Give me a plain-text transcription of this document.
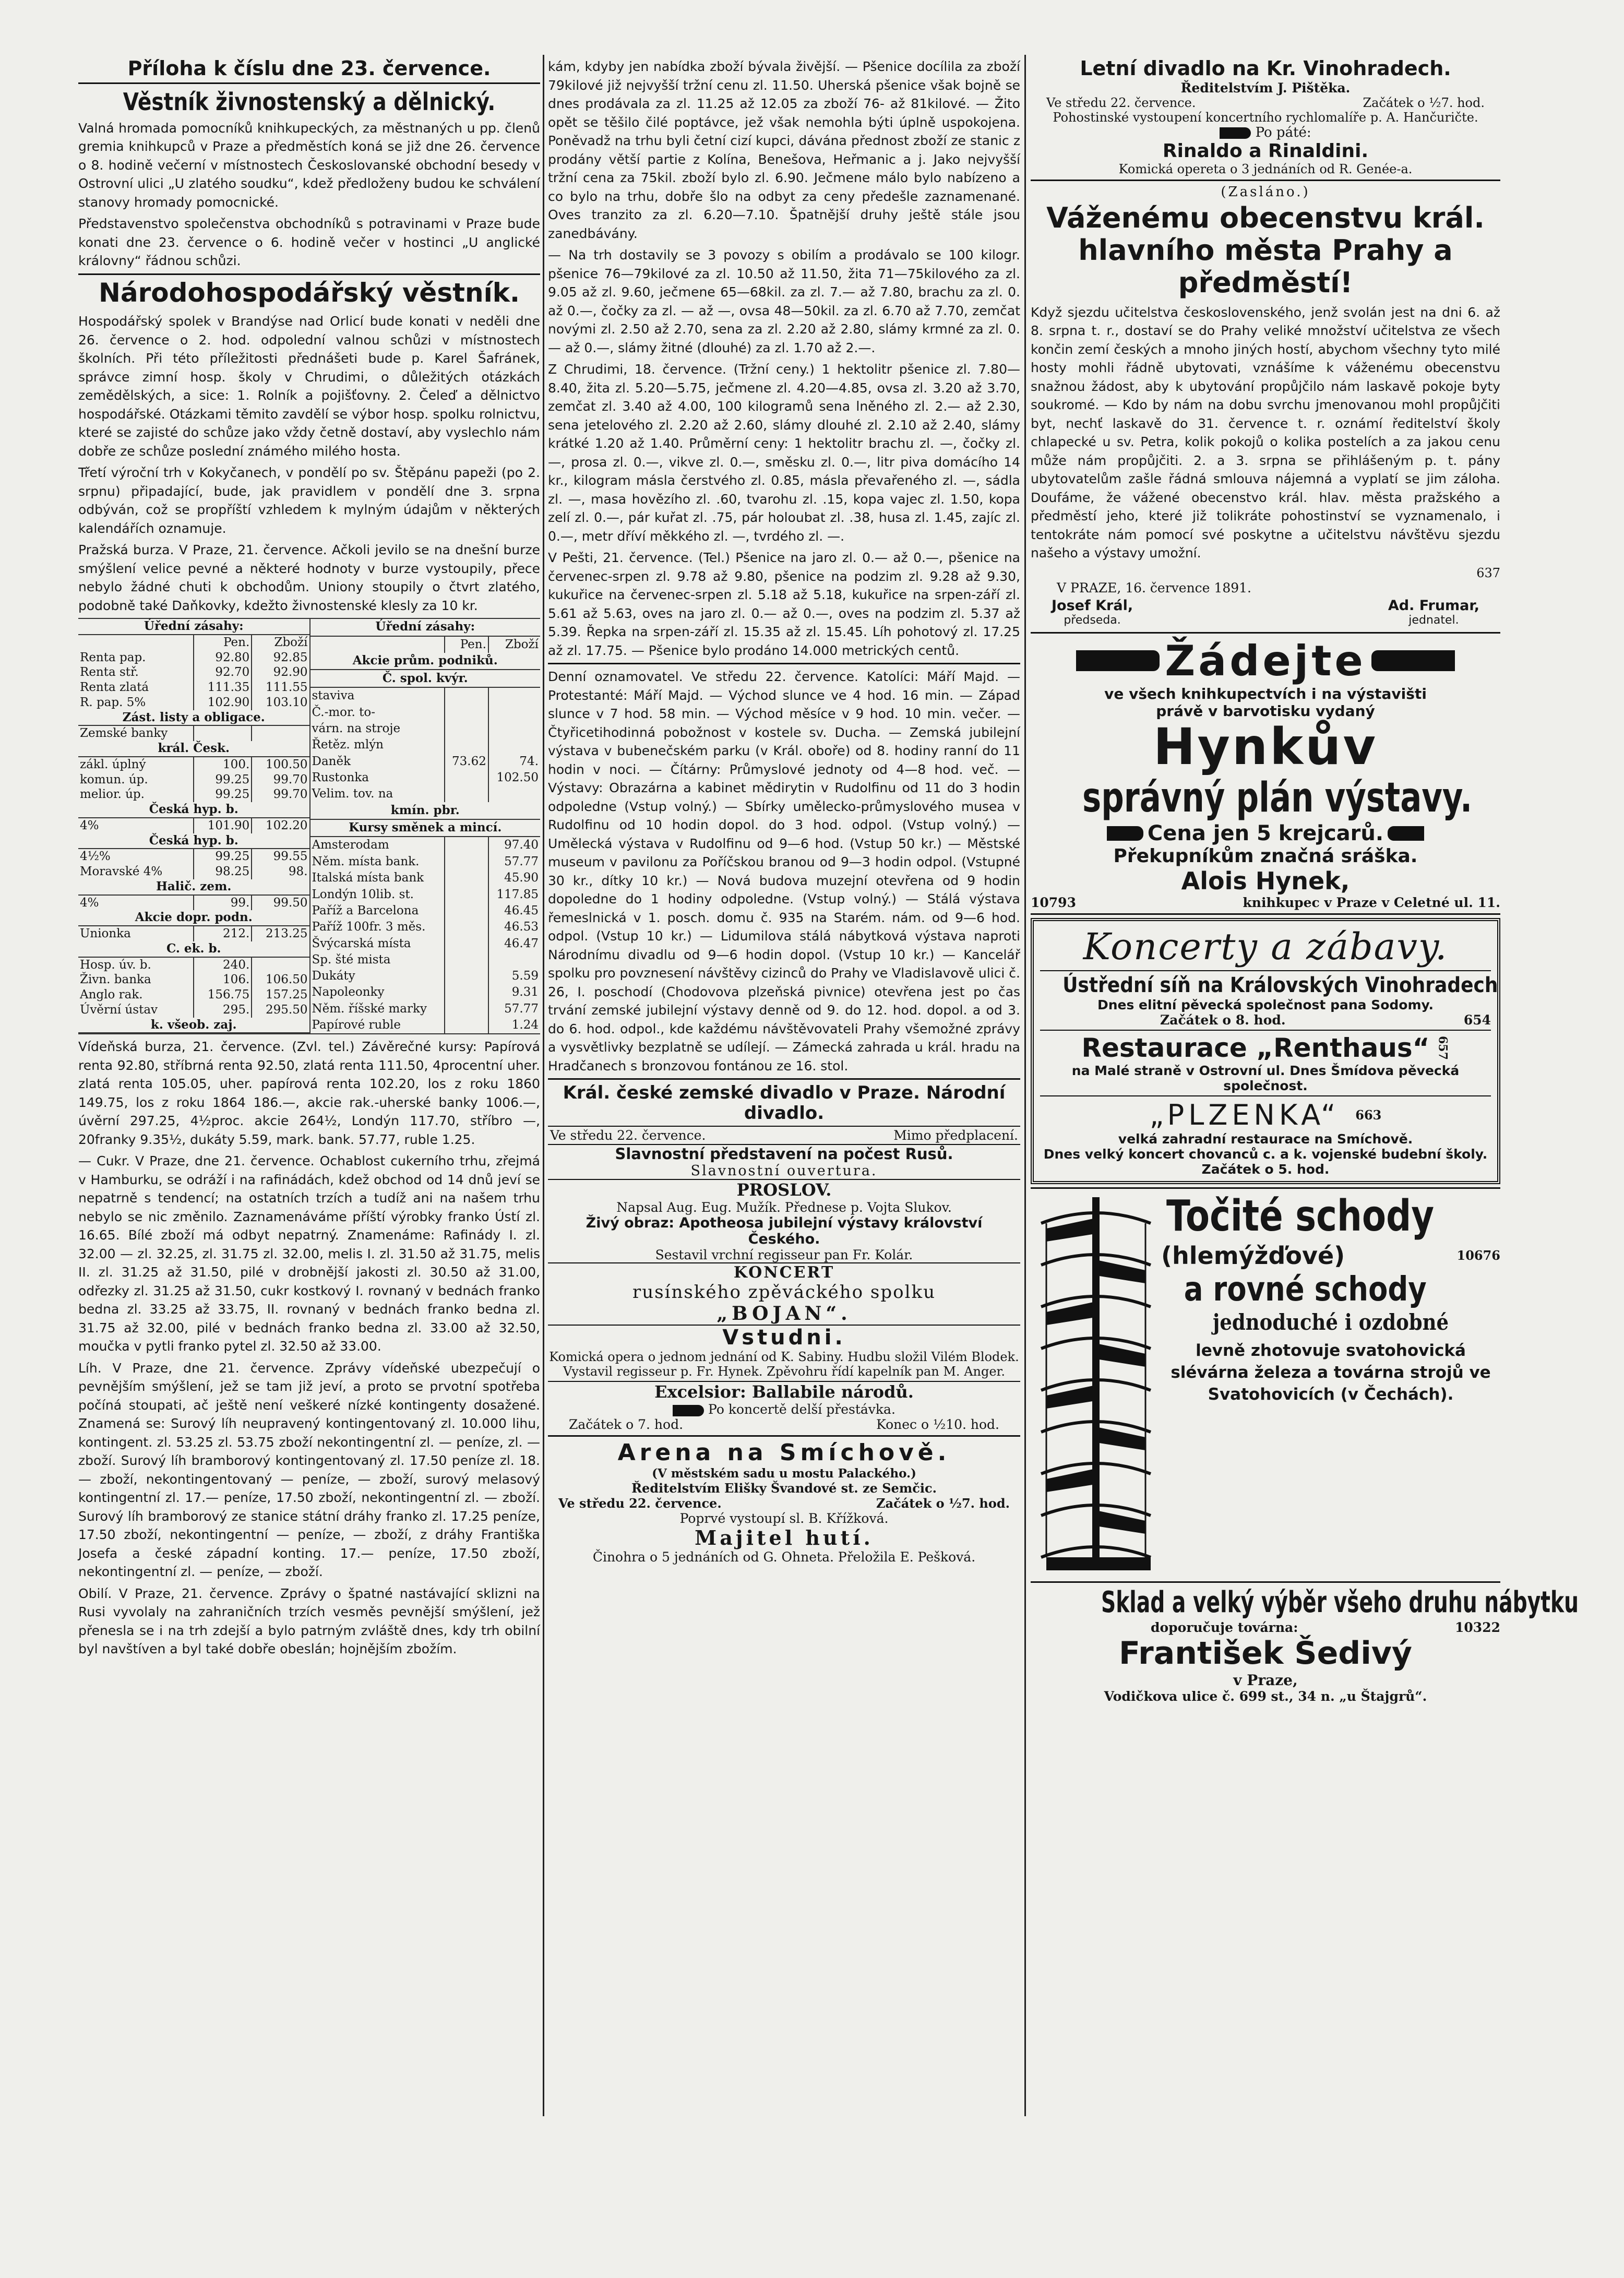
Příloha k číslu dne 23. července.
Věstník živnostenský a dělnický.

Valná hromada pomocníků knihkupeckých, za městnaných u pp. členů gremia knihkupců v Praze a předměstích koná se již dne 26. července o 8. hodině večerní v místnostech Českoslovanské obchodní besedy v Ostrovní ulici „U zlatého soudku“, kdež předloženy budou ke schválení stanovy hromady pomocnické.

Představenstvo společenstva obchodníků s potravinami v Praze bude konati dne 23. července o 6. hodině večer v hostinci „U anglické královny“ řádnou schůzi.

Národohospodářský věstník.

Hospodářský spolek v Brandýse nad Orlicí bude konati v neděli dne 26. července o 2. hod. odpolední valnou schůzi v místnostech školních. Při této příležitosti přednášeti bude p. Karel Šafránek, správce zimní hosp. školy v Chrudimi, o důležitých otázkách zemědělských, a sice: 1. Rolník a pojišťovny. 2. Čeleď a dělnictvo hospodářské. Otázkami těmito zavdělí se výbor hosp. spolku rolnictvu, které se zajisté do schůze jako vždy četně dostaví, aby vyslechlo nám dobře ze schůze poslední známého milého hosta.

Třetí výroční trh v Kokyčanech, v pondělí po sv. Štěpánu papeži (po 2. srpnu) připadající, bude, jak pravidlem v pondělí dne 3. srpna odbýván, což se propříští vzhledem k mylným údajům v některých kalendářích oznamuje.

Pražská burza. V Praze, 21. července. Ačkoli jevilo se na dnešní burze smýšlení velice pevné a některé hodnoty v burze vystoupily, přece nebylo žádné chuti k obchodům. Uniony stoupily o čtvrt zlatého, podobně také Daňkovky, kdežto živnostenské klesly za 10 kr.

Úřední zásahy:		
	Pen.	Zboží
Renta pap.	92.80	92.85
Renta stř.	92.70	92.90
Renta zlatá	111.35	111.55
R. pap. 5%	102.90	103.10
Zást. listy a obligace.		
Zemské banky		
král. Česk.		
zákl. úplný	100.	100.50
komun. úp.	99.25	99.70
melior. úp.	99.25	99.70
Česká hyp. b.		
4%	101.90	102.20
Česká hyp. b.		
4½%	99.25	99.55
Moravské 4%	98.25	98.
Halič. zem.		
4%	99.	99.50
Akcie dopr. podn.		
Unionka	212.	213.25
C. ek. b.		
Hosp. úv. b.	240.	
Živn. banka	106.	106.50
Anglo rak.	156.75	157.25
Úvěrní ústav	295.	295.50
k. všeob. zaj.		
Úřední zásahy:		
	Pen.	Zboží
Akcie prům. podniků.		
Č. spol. kvýr.		
staviva		
Č.-mor. to-		
várn. na stroje		
Řetěz. mlýn		
Daněk	73.62	74.
Rustonka		102.50
Velim. tov. na		
kmín. pbr.		
Kursy směnek a mincí.		
Amsterodam		97.40
Něm. místa bank.		57.77
Italská místa bank		45.90
Londýn 10lib. st.		117.85
Paříž a Barcelona		46.45
Paříž 100fr. 3 měs.		46.53
Švýcarská místa		46.47
Sp. šté mista		
Dukáty		5.59
Napoleonky		9.31
Něm. říšské marky		57.77
Papírové ruble		1.24

Vídeňská burza, 21. července. (Zvl. tel.) Závěrečné kursy: Papírová renta 92.80, stříbrná renta 92.50, zlatá renta 111.50, 4procentní uher. zlatá renta 105.05, uher. papírová renta 102.20, los z roku 1860 149.75, los z roku 1864 186.—, akcie rak.-uherské banky 1006.—, úvěrní 297.25, 4½proc. akcie 264½, Londýn 117.70, stříbro —, 20franky 9.35½, dukáty 5.59, mark. bank. 57.77, ruble 1.25.

— Cukr. V Praze, dne 21. července. Ochablost cukerního trhu, zřejmá v Hamburku, se odráží i na rafinádách, kdež obchod od 14 dnů jeví se nepatrně s tendencí; na ostatních trzích a tudíž ani na našem trhu nebylo se nic změnilo. Zaznamenáváme příští výrobky franko Ústí zl. 16.65. Bílé zboží má odbyt nepatrný. Znamenáme: Rafinády I. zl. 32.00 — zl. 32.25, zl. 31.75 zl. 32.00, melis I. zl. 31.50 až 31.75, melis II. zl. 31.25 až 31.50, pilé v drobnější jakosti zl. 30.50 až 31.00, odřezky zl. 31.25 až 31.50, cukr kostkový I. rovnaný v bednách franko bedna zl. 33.25 až 33.75, II. rovnaný v bednách franko bedna zl. 31.75 až 32.00, pilé v bednách franko bedna zl. 33.00 až 32.50, moučka v pytli franko pytel zl. 32.50 až 33.00.

Líh. V Praze, dne 21. července. Zprávy vídeňské ubezpečují o pevnějším smýšlení, jež se tam již jeví, a proto se prvotní spotřeba počíná stoupati, ač ještě není veškeré nízké kontingenty dosažené. Znamená se: Surový líh neupravený kontingentovaný zl. 10.000 lihu, kontingent. zl. 53.25 zl. 53.75 zboží nekontingentní zl. — peníze, zl. — zboží. Surový líh bramborový kontingentovaný zl. 17.50 peníze zl. 18.— zboží, nekontingentovaný — peníze, — zboží, surový melasový kontingentní zl. 17.— peníze, 17.50 zboží, nekontingentní zl. — zboží. Surový líh bramborový ze stanice státní dráhy franko zl. 17.25 peníze, 17.50 zboží, nekontingentní — peníze, — zboží, z dráhy Františka Josefa a české západní konting. 17.— peníze, 17.50 zboží, nekontingentní zl. — peníze, — zboží.

Obilí. V Praze, 21. července. Zprávy o špatné nastávající sklizni na Rusi vyvolaly na zahraničních trzích vesměs pevnější smýšlení, jež přenesla se i na trh zdejší a bylo patrným zvláště dnes, kdy trh obilní byl navštíven a byl také dobře obeslán; hojnějším zbožím.

kám, kdyby jen nabídka zboží bývala živější. — Pšenice docílila za zboží 79kilové již nejvyšší tržní cenu zl. 11.50. Uherská pšenice však bojně se dnes prodávala za zl. 11.25 až 12.05 za zboží 76- až 81kilové. — Žito opět se těšilo čilé poptávce, jež však nemohla býti úplně uspokojena. Poněvadž na trhu byli četní cizí kupci, dávána přednost zboží ze stanic z prodány větší partie z Kolína, Benešova, Heřmanic a j. Jako nejvyšší tržní cena za 75kil. zboží bylo zl. 6.90. Ječmene málo bylo nabízeno a co bylo na trhu, dobře šlo na odbyt za ceny předešle zaznamenané. Oves tranzito za zl. 6.20—7.10. Špatnější druhy ještě stále jsou zanedbávány.

— Na trh dostavily se 3 povozy s obilím a prodávalo se 100 kilogr. pšenice 76—79kilové za zl. 10.50 až 11.50, žita 71—75kilového za zl. 9.05 až zl. 9.60, ječmene 65—68kil. za zl. 7.— až 7.80, brachu za zl. 0. až 0.—, čočky za zl. — až —, ovsa 48—50kil. za zl. 6.70 až 7.70, zemčat novými zl. 2.50 až 2.70, sena za zl. 2.20 až 2.80, slámy krmné za zl. 0.— až 0.—, slámy žitné (dlouhé) za zl. 1.70 až 2.—.

Z Chrudimi, 18. července. (Tržní ceny.) 1 hektolitr pšenice zl. 7.80—8.40, žita zl. 5.20—5.75, ječmene zl. 4.20—4.85, ovsa zl. 3.20 až 3.70, zemčat zl. 3.40 až 4.00, 100 kilogramů sena lněného zl. 2.— až 2.30, sena jetelového zl. 2.20 až 2.60, slámy dlouhé zl. 2.10 až 2.40, slámy krátké 1.20 až 1.40. Průměrní ceny: 1 hektolitr brachu zl. —, čočky zl. —, prosa zl. 0.—, vikve zl. 0.—, směsku zl. 0.—, litr piva domácího 14 kr., kilogram másla čerstvého zl. 0.85, másla převařeného zl. —, sádla zl. —, masa hovězího zl. .60, tvarohu zl. .15, kopa vajec zl. 1.50, kopa zelí zl. 0.—, pár kuřat zl. .75, pár holoubat zl. .38, husa zl. 1.45, zajíc zl. 0.—, metr dříví měkkého zl. —, tvrdého zl. —.

V Pešti, 21. července. (Tel.) Pšenice na jaro zl. 0.— až 0.—, pšenice na červenec-srpen zl. 9.78 až 9.80, pšenice na podzim zl. 9.28 až 9.30, kukuřice na červenec-srpen zl. 5.18 až 5.18, kukuřice na srpen-září zl. 5.61 až 5.63, oves na jaro zl. 0.— až 0.—, oves na podzim zl. 5.37 až 5.39. Řepka na srpen-září zl. 15.35 až zl. 15.45. Líh pohotový zl. 17.25 až zl. 17.75. — Pšenice bylo prodáno 14.000 metrických centů.

Denní oznamovatel. Ve středu 22. července. Katolíci: Máří Majd. — Protestanté: Máří Majd. — Východ slunce ve 4 hod. 16 min. — Západ slunce v 7 hod. 58 min. — Východ měsíce v 9 hod. 10 min. večer. — Čtyřicetihodinná pobožnost v kostele sv. Ducha. — Zemská jubilejní výstava v bubenečském parku (v Král. oboře) od 8. hodiny ranní do 11 hodin v noci. — Čítárny: Průmyslové jednoty od 4—8 hod. več. — Výstavy: Obrazárna a kabinet mědirytin v Rudolfinu od 11 do 3 hodin odpoledne (Vstup volný.) — Sbírky umělecko-průmyslového musea v Rudolfinu od 10 hodin dopol. do 3 hod. odpol. (Vstup volný.) — Umělecká výstava v Rudolfinu od 9—6 hod. (Vstup 50 kr.) — Městské museum v pavilonu za Poříčskou branou od 9—3 hodin odpol. (Vstupné 30 kr., dítky 10 kr.) — Nová budova muzejní otevřena od 9 hodin dopoledne do 1 hodiny odpoledne. (Vstup volný.) — Stálá výstava řemeslnická v 1. posch. domu č. 935 na Starém. nám. od 9—6 hod. odpol. (Vstup 10 kr.) — Lidumilova stálá nábytková výstava naproti Národnímu divadlu od 9—6 hodin dopol. (Vstup 10 kr.) — Kancelář spolku pro povznesení návštěvy cizinců do Prahy ve Vladislavově ulici č. 26, I. poschodí (Chodovova plzeňská pivnice) otevřena jest po čas trvání zemské jubilejní výstavy denně od 9. do 12. hod. dopol. a od 3. do 6. hod. odpol., kde každému návštěvovateli Prahy všemožné zprávy a vysvětlivky bezplatně se udílejí. — Zámecká zahrada u král. hradu na Hradčanech s bronzovou fontánou ze 16. stol.

Král. české zemské divadlo v Praze. Národní divadlo.
Ve středu 22. července.	Mimo předplacení.
Slavnostní představení na počest Rusů.
Slavnostní ouvertura.
PROSLOV.
Napsal Aug. Eug. Mužík. Přednese p. Vojta Slukov.
Živý obraz: Apotheosa jubilejní výstavy království Českého.
Sestavil vrchní regisseur pan Fr. Kolár.
KONCERT
rusínského zpěváckého spolku
„BOJAN“.
Vstudni.
Komická opera o jednom jednání od K. Sabiny. Hudbu složil Vilém Blodek. Vystavil regisseur p. Fr. Hynek. Zpěvohru řídí kapelník pan M. Anger.
Excelsior: Ballabile národů.
Po koncertě delší přestávka.
Začátek o 7. hod.	Konec o ½10. hod.
Arena na Smíchově.
(V městském sadu u mostu Palackého.)
Ředitelstvím Elišky Švandové st. ze Semčic.
Ve středu 22. července.	Začátek o ½7. hod.
Poprvé vystoupí sl. B. Křížková.
Majitel hutí.
Činohra o 5 jednáních od G. Ohneta. Přeložila E. Pešková.
Letní divadlo na Kr. Vinohradech.
Ředitelstvím J. Pištěka.
Ve středu 22. července.	Začátek o ½7. hod.
Pohostinské vystoupení koncertního rychlomalíře p. A. Hančuričte.
Po páté:
Rinaldo a Rinaldini.
Komická opereta o 3 jednáních od R. Genée-a.
(Zasláno.)
Váženému obecenstvu král. hlavního města Prahy a předměstí!

Když sjezdu učitelstva československého, jenž svolán jest na dni 6. až 8. srpna t. r., dostaví se do Prahy veliké množství učitelstva ze všech končin zemí českých a mnoho jiných hostí, abychom všechny tyto milé hosty mohli řádně ubytovati, vznášíme k váženému obecenstvu snažnou žádost, aby k ubytování propůjčilo nám laskavě pokoje byty soukromé. — Kdo by nám na dobu svrchu jmenovanou mohl propůjčiti byt, nechť laskavě do 31. července t. r. oznámí ředitelství školy chlapecké u sv. Petra, kolik pokojů o kolika postelích a za jakou cenu může nám propůjčiti. 2. a 3. srpna se přihlášeným p. t. pány ubytovatelům zašle řádná smlouva nájemná a vyplatí se jim záloha. Doufáme, že vážené obecenstvo král. hlav. města pražského a předměstí jeho, které již tolikráte pohostinství se vyznamenalo, i tentokráte nám pomocí své poskytne a učitelstvu návštěvu sjezdu našeho a výstavy umožní.

637
V PRAZE, 16. července 1891.
Josef Král,
předseda.
Ad. Frumar,
jednatel.
Žádejte
ve všech knihkupectvích i na výstavišti
právě v barvotisku vydaný
Hynkův
správný plán výstavy.
Cena jen 5 krejcarů.
Překupníkům značná sráška.
Alois Hynek,
10793	knihkupec v Praze v Celetné ul. 11.
Koncerty a zábavy.
Ústřední síň na Královských Vinohradech
Dnes elitní pěvecká společnost pana Sodomy.
Začátek o 8. hod.	654
Restaurace „Renthaus“ 657
na Malé straně v Ostrovní ul. Dnes Šmídova pěvecká společnost.
„PLZENKA“ 663
velká zahradní restaurace na Smíchově.
Dnes velký koncert chovanců c. a k. vojenské budební školy. Začátek o 5. hod.
Točité schody
(hlemýžďové)	10676
a rovné schody
jednoduché i ozdobné
levně zhotovuje svatohovická slévárna železa a továrna strojů ve Svatohovicích (v Čechách).
Sklad a velký výběr všeho druhu nábytku
doporučuje továrna:	10322
František Šedivý
v Praze,
Vodičkova ulice č. 699 st., 34 n. „u Štajgrů“.
